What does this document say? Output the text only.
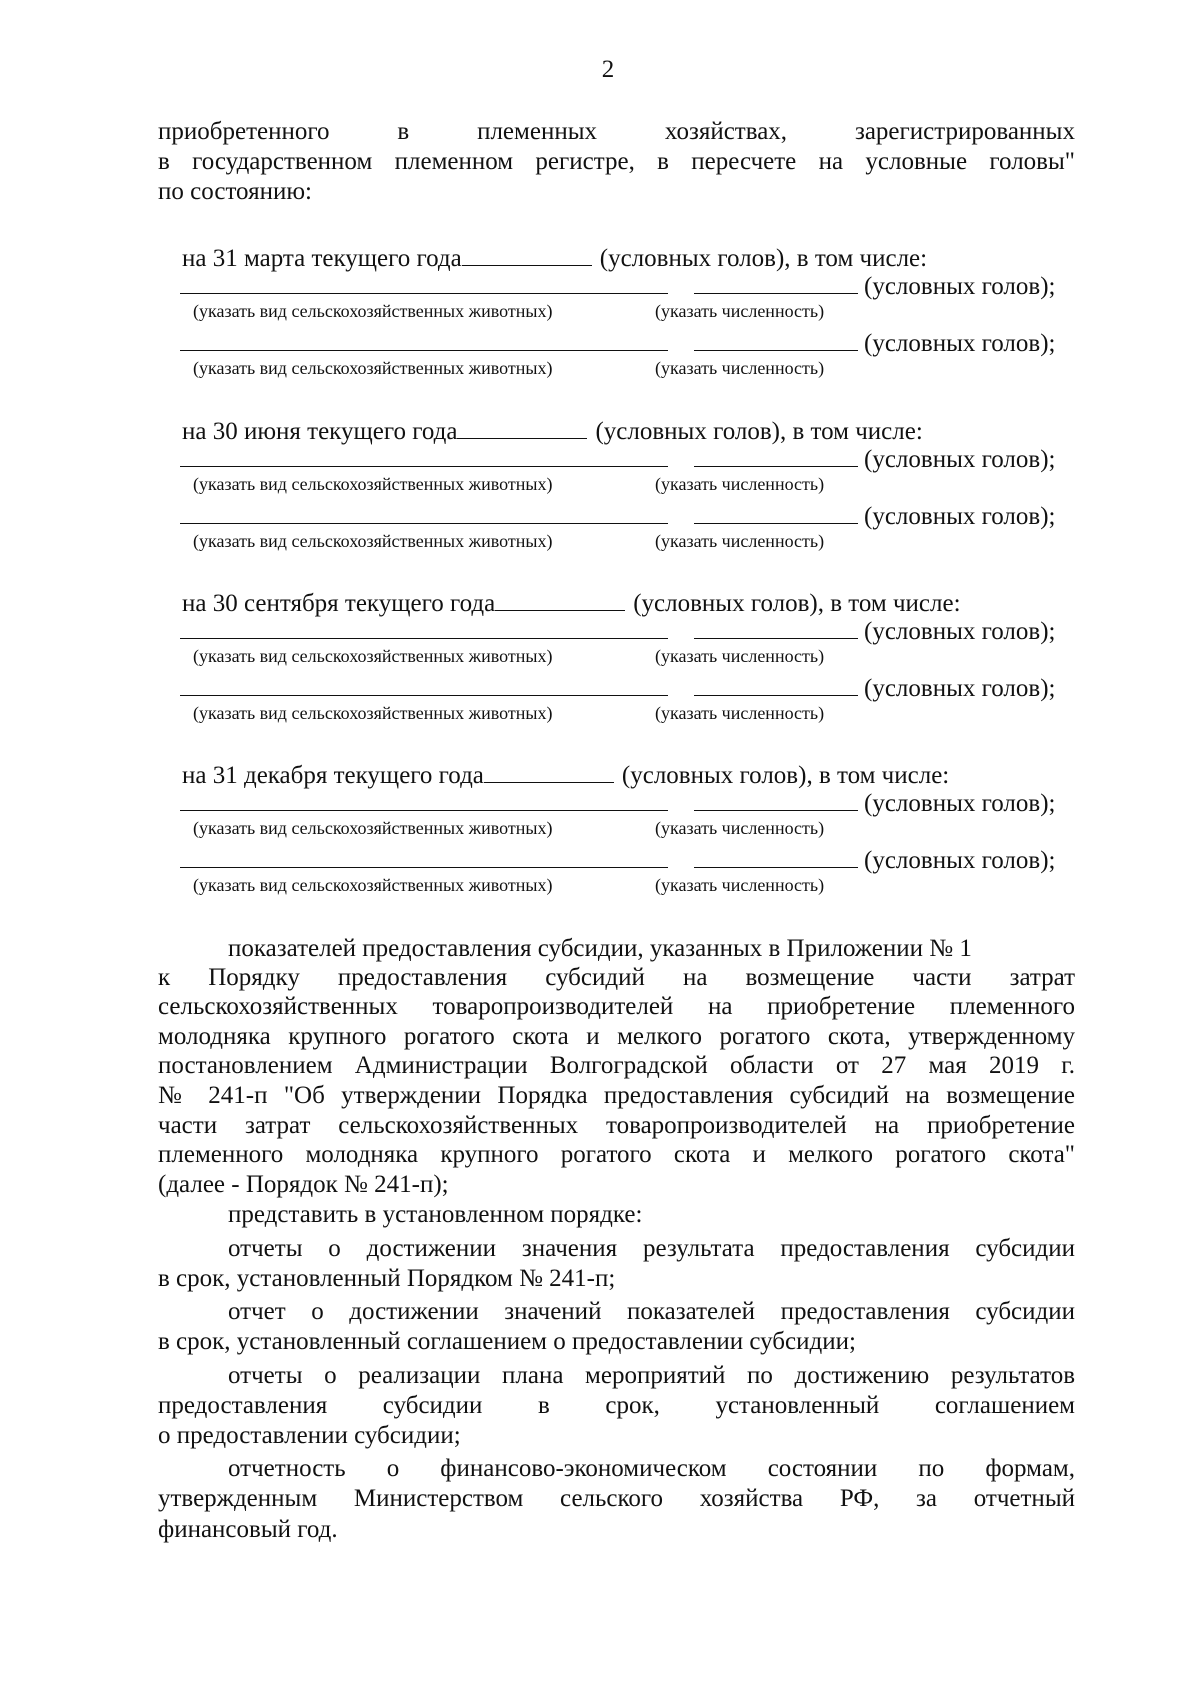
2
приобретенного	в	племенных	хозяйствах,	зарегистрированных
в государственном племенном регистре, в пересчете на условные головы"
по состоянию:
на 31 марта текущего года	(условных голов), в том числе:
(условных голов);
(указать вид сельскохозяйственных животных)	(указать численность)
(условных голов);
(указать вид сельскохозяйственных животных)	(указать численность)
на 30 июня текущего года	(условных голов), в том числе:
(условных голов);
(указать вид сельскохозяйственных животных)	(указать численность)
(условных голов);
(указать вид сельскохозяйственных животных)	(указать численность)
на 30 сентября текущего года	(условных голов), в том числе:
(условных голов);
(указать вид сельскохозяйственных животных)	(указать численность)
(условных голов);
(указать вид сельскохозяйственных животных)	(указать численность)
на 31 декабря текущего года	(условных голов), в том числе:
(условных голов);
(указать вид сельскохозяйственных животных)	(указать численность)
(условных голов);
(указать вид сельскохозяйственных животных)	(указать численность)
показателей предоставления субсидии, указанных в Приложении № 1
к Порядку предоставления субсидий на возмещение части затрат
сельскохозяйственных товаропроизводителей на приобретение племенного
молодняка крупного рогатого скота и мелкого рогатого скота, утвержденному
постановлением Администрации Волгоградской области от 27 мая 2019 г.
№ 241-п "Об утверждении Порядка предоставления субсидий на возмещение
части затрат сельскохозяйственных товаропроизводителей на приобретение
племенного молодняка крупного рогатого скота и мелкого рогатого скота"
(далее - Порядок № 241-п);
представить в установленном порядке:
отчеты о достижении значения результата предоставления субсидии
в срок, установленный Порядком № 241-п;
отчет о достижении значений показателей предоставления субсидии
в срок, установленный соглашением о предоставлении субсидии;
отчеты о реализации плана мероприятий по достижению результатов
предоставления субсидии в срок, установленный соглашением
о предоставлении субсидии;
отчетность о финансово-экономическом состоянии по формам,
утвержденным Министерством сельского хозяйства РФ, за отчетный
финансовый год.
